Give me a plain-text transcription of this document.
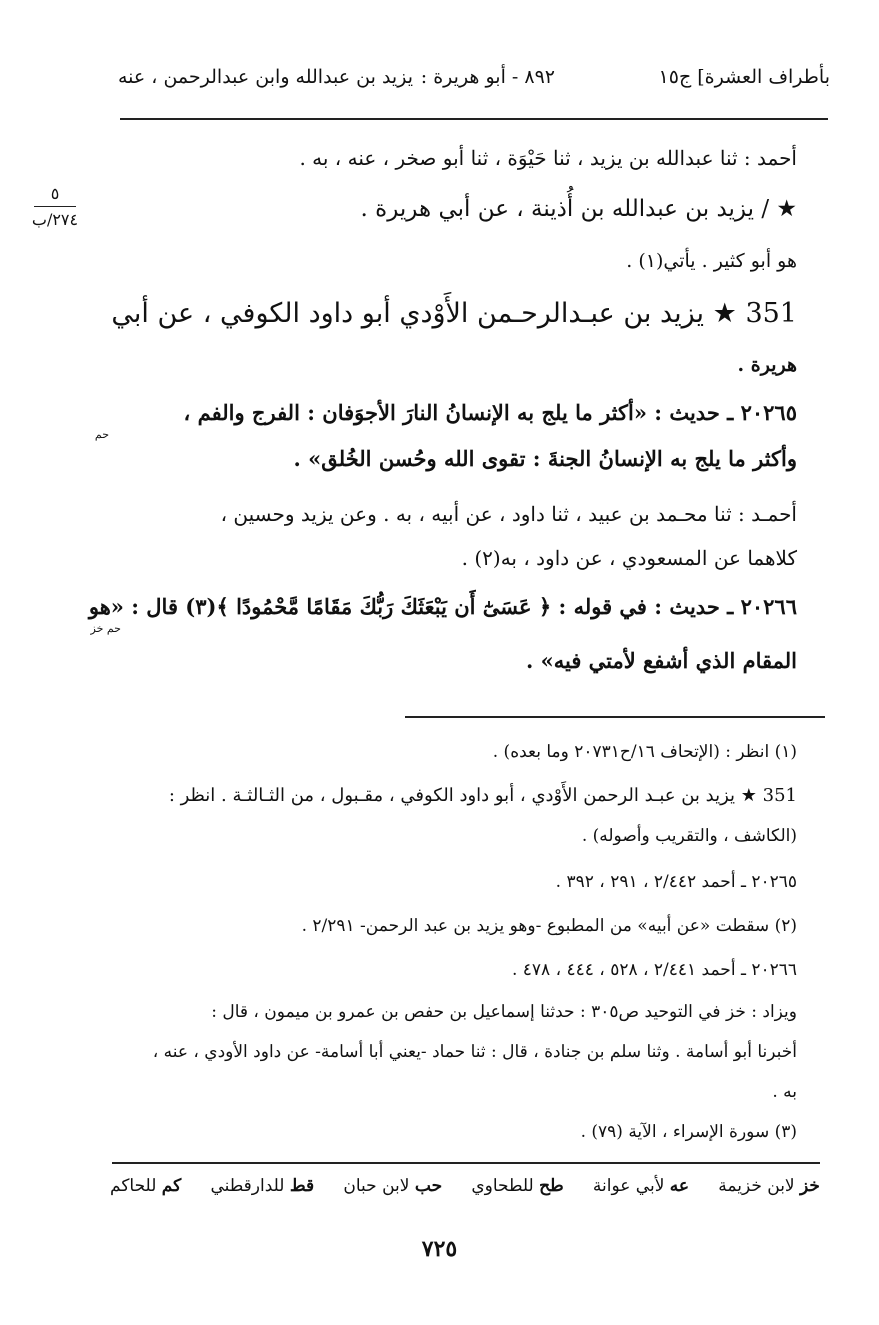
بأطراف العشرة] ج١٥
٨٩٢ - أبو هريرة :
يزيد بن عبدالله وابن عبدالرحمن ، عنه
٥
٢٧٤/ب
أحمد : ثنا عبدالله بن يزيد ، ثنا حَيْوَة ، ثنا أبو صخر ، عنه ، به .
★ / يزيد بن عبدالله بن أُذينة ، عن أبي هريرة .
هو أبو كثير . يأتي(١) .
351 ★ يزيد بن عبـدالرحـمن الأَوْدي أبو داود الكوفي ، عن أبي
هريرة .
٢٠٢٦٥ ـ حديث : «أكثر ما يلج به الإنسانُ النارَ الأجوَفان : الفرج والفم ،
حم
وأكثر ما يلج به الإنسانُ الجنةَ : تقوى الله وحُسن الخُلق» .
أحمـد : ثنا محـمد بن عبيد ، ثنا داود ، عن أبيه ، به . وعن يزيد وحسين ،
كلاهما عن المسعودي ، عن داود ، به(٢) .
٢٠٢٦٦ ـ حديث : في قوله : ﴿ عَسَىٰٓ أَن يَبْعَثَكَ رَبُّكَ مَقَامًا مَّحْمُودًا ﴾(٣) قال : «هو
حم خز
المقام الذي أشفع لأمتي فيه» .
(١) انظر : (الإتحاف ١٦/ح٢٠٧٣١ وما بعده) .
351 ★ يزيد بن عبـد الرحمن الأَوْدي ، أبو داود الكوفي ، مقـبول ، من الثـالثـة . انظر :
(الكاشف ، والتقريب وأصوله) .
٢٠٢٦٥ ـ أحمد ٢/٤٤٢ ، ٢٩١ ، ٣٩٢ .
(٢) سقطت «عن أبيه» من المطبوع -وهو يزيد بن عبد الرحمن- ٢/٢٩١ .
٢٠٢٦٦ ـ أحمد ٢/٤٤١ ، ٥٢٨ ، ٤٤٤ ، ٤٧٨ .
ويزاد : خز في التوحيد ص٣٠٥ : حدثنا إسماعيل بن حفص بن عمرو بن ميمون ، قال :
أخبرنا أبو أسامة . وثنا سلم بن جنادة ، قال : ثنا حماد -يعني أبا أسامة- عن داود الأودي ، عنه ،
به .
(٣) سورة الإسراء ، الآية (٧٩) .
خز لابن خزيمة
عه لأبي عوانة
طح للطحاوي
حب لابن حبان
قط للدارقطني
كم للحاكم
٧٢٥
